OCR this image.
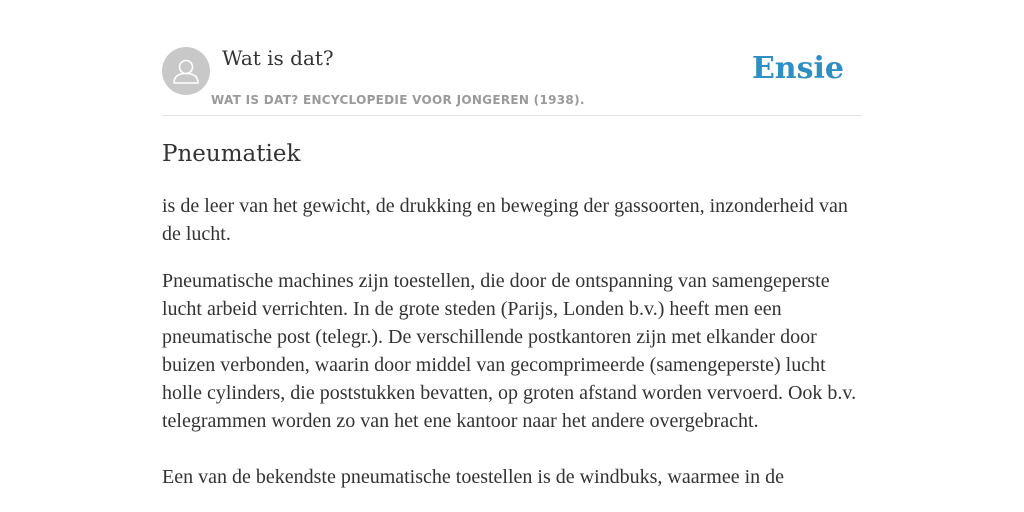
Wat is dat?
WAT IS DAT? ENCYCLOPEDIE VOOR JONGEREN (1938).
Ensie
Pneumatiek

is de leer van het gewicht, de drukking en beweging der gassoorten, inzonderheid van de lucht.

Pneumatische machines zijn toestellen, die door de ontspanning van samengeperste lucht arbeid verrichten. In de grote steden (Parijs, Londen b.v.) heeft men een pneumatische post (telegr.). De verschillende postkantoren zijn met elkander door buizen verbonden, waarin door middel van gecomprimeerde (samengeperste) lucht holle cylinders, die poststukken bevatten, op groten afstand worden vervoerd. Ook b.v. telegrammen worden zo van het ene kantoor naar het andere overgebracht.

Een van de bekendste pneumatische toestellen is de windbuks, waarmee in de
